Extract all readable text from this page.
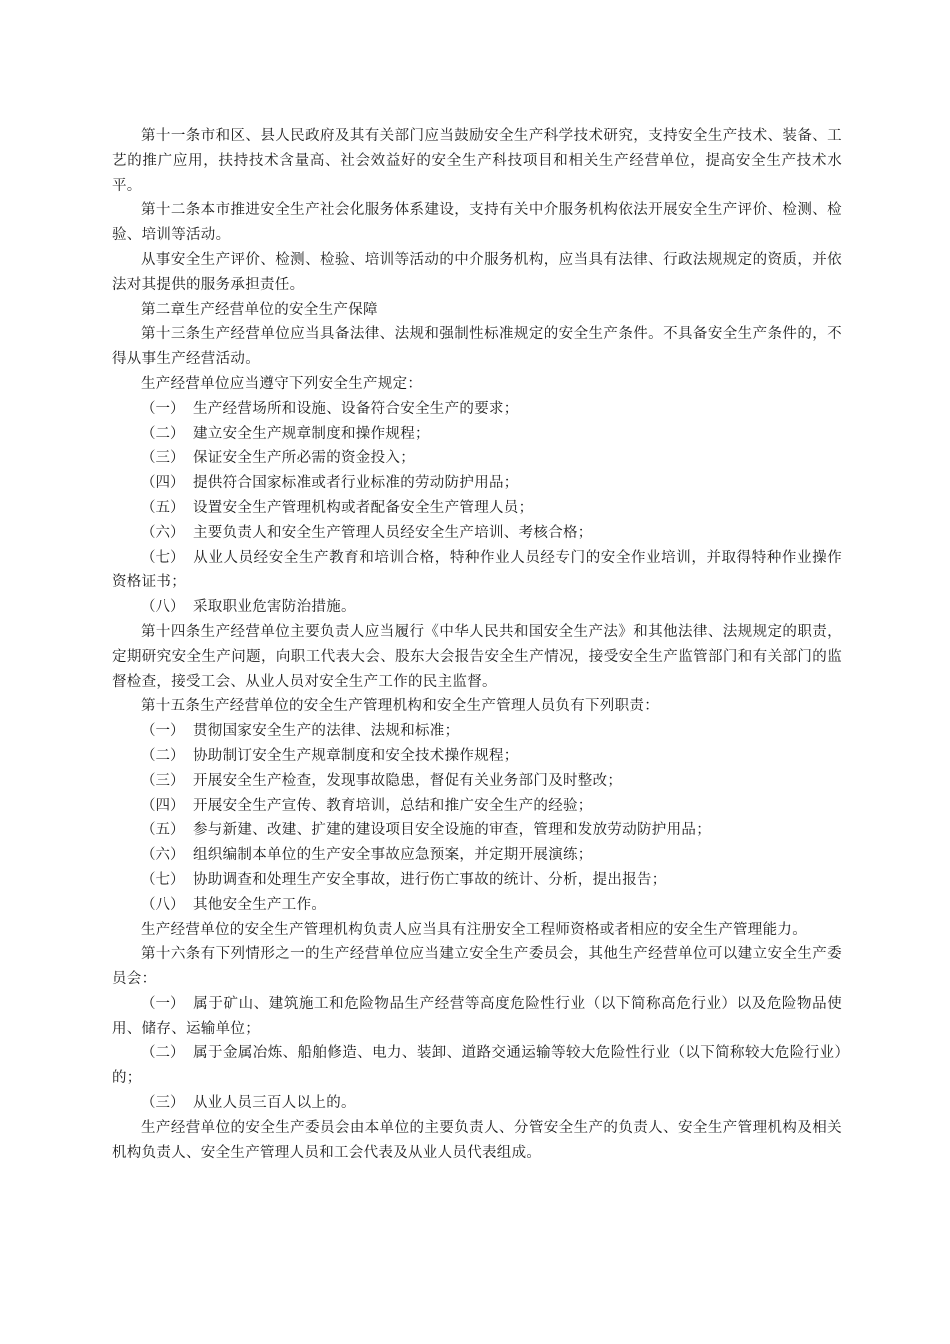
第十一条市和区、县人民政府及其有关部门应当鼓励安全生产科学技术研究，支持安全生产技术、装备、工艺的推广应用，扶持技术含量高、社会效益好的安全生产科技项目和相关生产经营单位，提高安全生产技术水平。

第十二条本市推进安全生产社会化服务体系建设，支持有关中介服务机构依法开展安全生产评价、检测、检验、培训等活动。

从事安全生产评价、检测、检验、培训等活动的中介服务机构，应当具有法律、行政法规规定的资质，并依法对其提供的服务承担责任。

第二章生产经营单位的安全生产保障

第十三条生产经营单位应当具备法律、法规和强制性标准规定的安全生产条件。不具备安全生产条件的，不得从事生产经营活动。

生产经营单位应当遵守下列安全生产规定：

（一） 生产经营场所和设施、设备符合安全生产的要求；

（二） 建立安全生产规章制度和操作规程；

（三） 保证安全生产所必需的资金投入；

（四） 提供符合国家标准或者行业标准的劳动防护用品；

（五） 设置安全生产管理机构或者配备安全生产管理人员；

（六） 主要负责人和安全生产管理人员经安全生产培训、考核合格；

（七） 从业人员经安全生产教育和培训合格，特种作业人员经专门的安全作业培训，并取得特种作业操作资格证书；

（八） 采取职业危害防治措施。

第十四条生产经营单位主要负责人应当履行《中华人民共和国安全生产法》和其他法律、法规规定的职责，定期研究安全生产问题，向职工代表大会、股东大会报告安全生产情况，接受安全生产监管部门和有关部门的监督检查，接受工会、从业人员对安全生产工作的民主监督。

第十五条生产经营单位的安全生产管理机构和安全生产管理人员负有下列职责：

（一） 贯彻国家安全生产的法律、法规和标准；

（二） 协助制订安全生产规章制度和安全技术操作规程；

（三） 开展安全生产检查，发现事故隐患，督促有关业务部门及时整改；

（四） 开展安全生产宣传、教育培训，总结和推广安全生产的经验；

（五） 参与新建、改建、扩建的建设项目安全设施的审查，管理和发放劳动防护用品；

（六） 组织编制本单位的生产安全事故应急预案，并定期开展演练；

（七） 协助调查和处理生产安全事故，进行伤亡事故的统计、分析，提出报告；

（八） 其他安全生产工作。

生产经营单位的安全生产管理机构负责人应当具有注册安全工程师资格或者相应的安全生产管理能力。

第十六条有下列情形之一的生产经营单位应当建立安全生产委员会，其他生产经营单位可以建立安全生产委员会：

（一） 属于矿山、建筑施工和危险物品生产经营等高度危险性行业（以下简称高危行业）以及危险物品使用、储存、运输单位；

（二） 属于金属冶炼、船舶修造、电力、装卸、道路交通运输等较大危险性行业（以下简称较大危险行业）的；

（三） 从业人员三百人以上的。

生产经营单位的安全生产委员会由本单位的主要负责人、分管安全生产的负责人、安全生产管理机构及相关机构负责人、安全生产管理人员和工会代表及从业人员代表组成。
